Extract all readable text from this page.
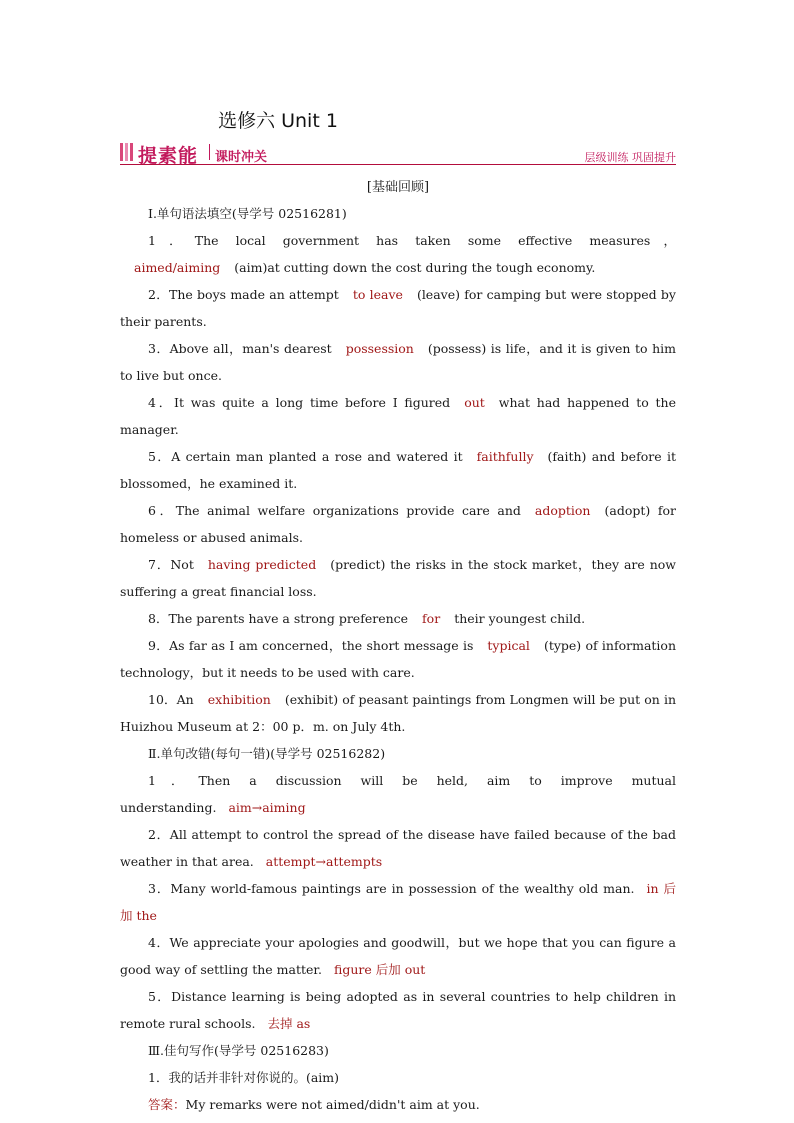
选修六 Unit 1
提素能 课时冲关	层级训练 巩固提升
[基础回顾]

Ⅰ.单句语法填空(导学号 02516281)

1．The local government has taken some effective measures，aimed/aiming (aim)at cutting down the cost during the tough economy.

2．The boys made an attempt to leave (leave) for camping but were stopped by their parents.

3．Above all，man's dearest possession (possess) is life，and it is given to him to live but once.

4．It was quite a long time before I figured out what had happened to the manager.

5．A certain man planted a rose and watered it faithfully (faith) and before it blossomed，he examined it.

6．The animal welfare organizations provide care and adoption (adopt) for homeless or abused animals.

7．Not having predicted (predict) the risks in the stock market，they are now suffering a great financial loss.

8．The parents have a strong preference for their youngest child.

9．As far as I am concerned，the short message is typical (type) of information technology，but it needs to be used with care.

10．An exhibition (exhibit) of peasant paintings from Longmen will be put on in Huizhou Museum at 2：00 p．m. on July 4th.

Ⅱ.单句改错(每句一错)(导学号 02516282)

1．Then a discussion will be held, aim to improve mutual understanding. aim→aiming

2．All attempt to control the spread of the disease have failed because of the bad weather in that area. attempt→attempts

3．Many world-famous paintings are in possession of the wealthy old man. in 后加 the

4．We appreciate your apologies and goodwill，but we hope that you can figure a good way of settling the matter. figure 后加 out

5．Distance learning is being adopted as in several countries to help children in remote rural schools. 去掉 as

Ⅲ.佳句写作(导学号 02516283)

1．我的话并非针对你说的。(aim)

答案：My remarks were not aimed/didn't aim at you.
